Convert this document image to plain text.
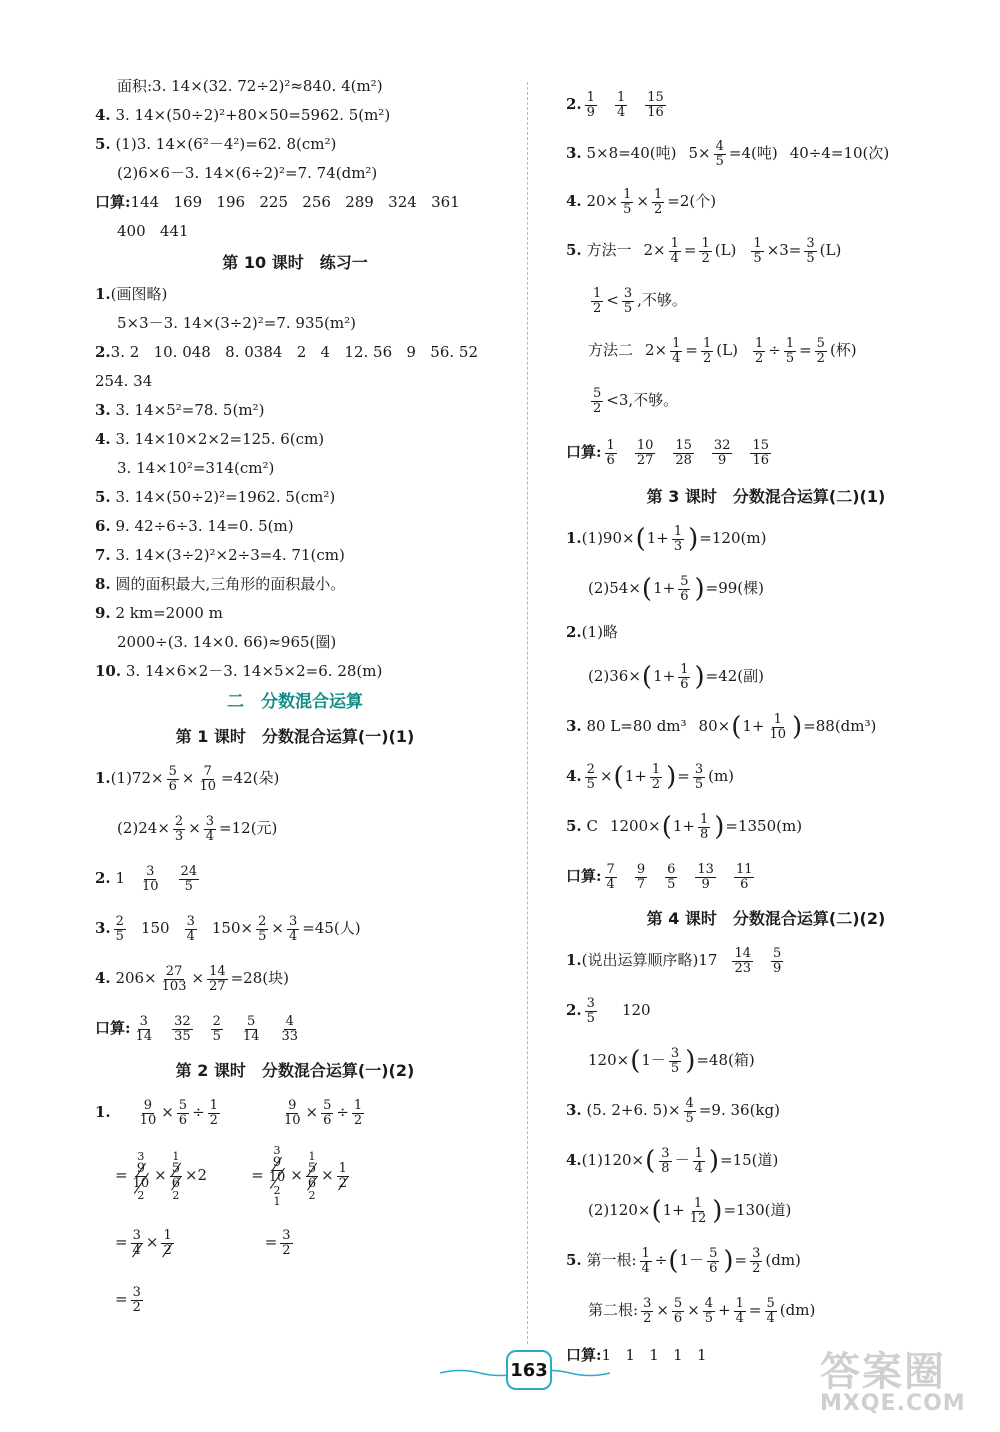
面积:3. 14×(32. 72÷2)²≈840. 4(m²)
4.
3. 14×(50÷2)²+80×50=5962. 5(m²)
5.
(1)3. 14×(6²－4²)=62. 8(cm²)
(2)6×6－3. 14×(6÷2)²=7. 74(dm²)
口算: 144   169   196   225   256   289   324   361
400   441
第 10 课时　练习一
1. (画图略)
5×3－3. 14×(3÷2)²=7. 935(m²)
2. 3. 2   10. 048   8. 0384   2   4   12. 56   9   56. 52
254. 34
3.
3. 14×5²=78. 5(m²)
4.
3. 14×10×2×2=125. 6(cm)
3. 14×10²=314(cm²)
5.
3. 14×(50÷2)²=1962. 5(cm²)
6.
9. 42÷6÷3. 14=0. 5(m)
7.
3. 14×(3÷2)²×2÷3=4. 71(cm)
8.
圆的面积最大,三角形的面积最小。
9.
2 km=2000 m
2000÷(3. 14×0. 66)≈965(圈)
10.
3. 14×6×2－3. 14×5×2=6. 28(m)
二　分数混合运算
第 1 课时　分数混合运算(一)(1)
1. $(1)72\times \frac{5}{6} \times \frac{7}{10} =42$(朵)
$(2)24\times \frac{2}{3} \times \frac{3}{4} =12$(元)
2.
$1 \frac{3}{10} \frac{24}{5}$
3. $\frac{2}{5} 150 \frac{3}{4} 150\times \frac{2}{5} \times \frac{3}{4} =45$(人)
4.
$206\times \frac{27}{103} \times \frac{14}{27} =28$(块)
口算: $\frac{3}{14} \frac{32}{35} \frac{2}{5} \frac{5}{14} \frac{4}{33}$
第 2 课时　分数混合运算(一)(2)
1. $\frac{9}{10} \times \frac{5}{6} \div \frac{1}{2}$	$\frac{9}{10} \times \frac{5}{6} \div \frac{1}{2}$
=
3
9
10
2
×
1
5
6
2
×2	=
3
9
10
2
1
×
1
5
6
2
× $\frac{1}{2}$
= $\frac{3}{4} \times \frac{1}{2}$	= $\frac{3}{2}$
= $\frac{3}{2}$
2. $\frac{1}{9} \frac{1}{4} \frac{15}{16}$
3.
5×8=40(吨) $5\times \frac{4}{5} =4$(吨) 40÷4=10(次)
4.
$20\times \frac{1}{5} \times \frac{1}{2} =2$(个)
5.
方法一 $2\times \frac{1}{4} = \frac{1}{2} (L) \frac{1}{5} \times 3= \frac{3}{5} (L)$
$\frac{1}{2} < \frac{3}{5}$ ,不够。
方法二 $2\times \frac{1}{4} = \frac{1}{2} (L) \frac{1}{2} \div \frac{1}{5} = \frac{5}{2}$ (杯)
$\frac{5}{2} <3$,不够。
口算: $\frac{1}{6} \frac{10}{27} \frac{15}{28} \frac{32}{9} \frac{15}{16}$
第 3 课时　分数混合运算(二)(1)
1. (1)90× ( $1+ \frac{1}{3}$ ) =120(m)
(2)54× ( $1+ \frac{5}{6}$ ) =99(棵)
2. (1)略
(2)36× ( $1+ \frac{1}{6}$ ) =42(副)
3.
80 L=80 dm³ 80× ( $1+ \frac{1}{10}$ ) =88(dm³)
4. $\frac{2}{5}$ × ( $1+ \frac{1}{2}$ ) = $\frac{3}{5} (m)$
5.
C 1200× ( $1+ \frac{1}{8}$ ) =1350(m)
口算: $\frac{7}{4} \frac{9}{7} \frac{6}{5} \frac{13}{9} \frac{11}{6}$
第 4 课时　分数混合运算(二)(2)
1. (说出运算顺序略)$17 \frac{14}{23} \frac{5}{9}$
2. $\frac{3}{5} 120$
120× ( $1- \frac{3}{5}$ ) =48(箱)
3.
(5. 2+6. $5)\times \frac{4}{5} =9$. 36(kg)
4. (1)120× ( $\frac{3}{8} - \frac{1}{4}$ ) =15(道)
(2)120× ( $1+ \frac{1}{12}$ ) =130(道)
5.
第一根: $\frac{1}{4}$ ÷ ( $1- \frac{5}{6}$ ) = $\frac{3}{2} (dm)$
第二根: $\frac{3}{2} \times \frac{5}{6} \times \frac{4}{5} + \frac{1}{4} = \frac{5}{4} (dm)$
口算: 1   1   1   1   1
163	答案圈
MXQE.COM
